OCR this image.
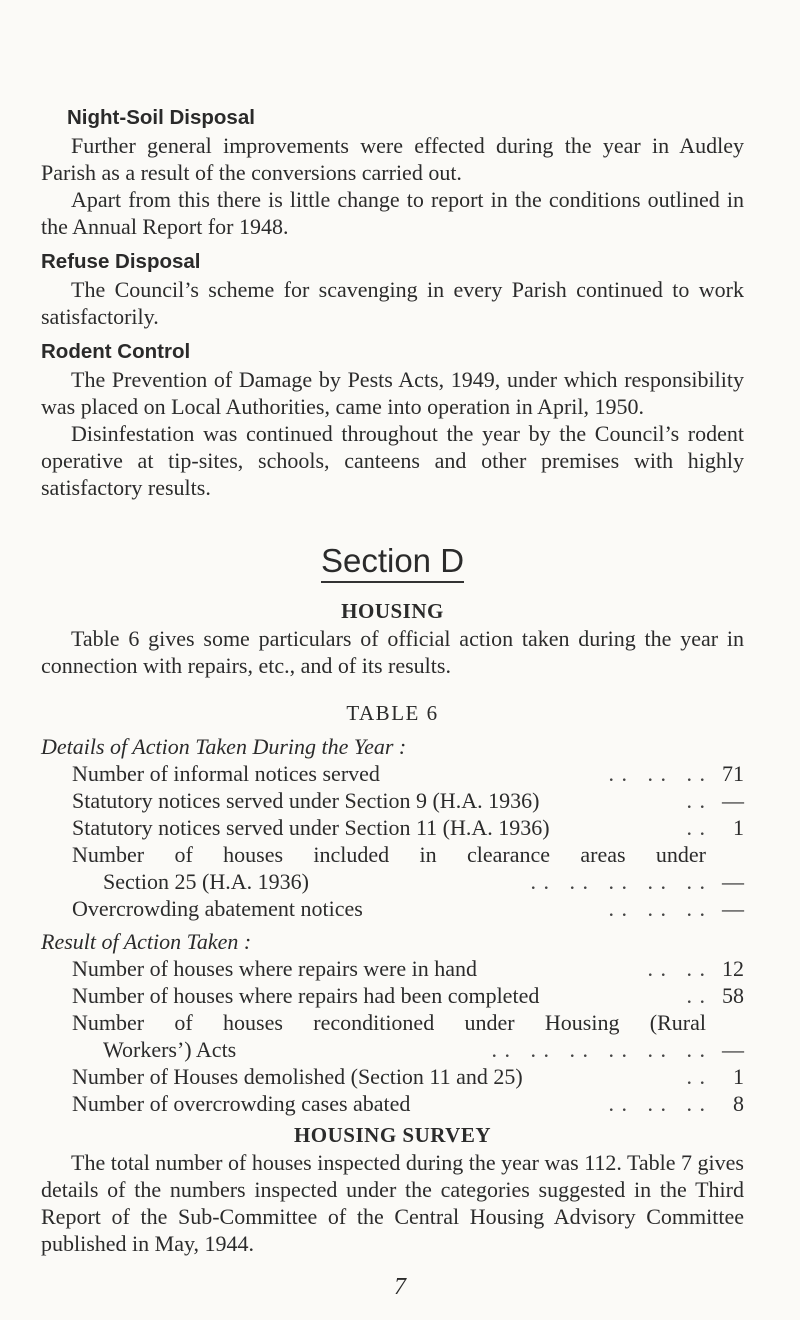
Night-Soil Disposal

Further general improvements were effected during the year in Audley Parish as a result of the conversions carried out.

Apart from this there is little change to report in the conditions outlined in the Annual Report for 1948.

Refuse Disposal

The Council’s scheme for scavenging in every Parish continued to work satisfactorily.

Rodent Control

The Prevention of Damage by Pests Acts, 1949, under which responsibility was placed on Local Authorities, came into operation in April, 1950.

Disinfestation was continued throughout the year by the Council’s rodent operative at tip-sites, schools, canteens and other premises with highly satisfactory results.

Section D
HOUSING

Table 6 gives some particulars of official action taken during the year in connection with repairs, etc., and of its results.

TABLE 6
Details of Action Taken During the Year :
Number of informal notices served	. .   . .   . . 71
Statutory notices served under Section 9 (H.A. 1936)	. . —
Statutory notices served under Section 11 (H.A. 1936)	. .	1
Number of houses included in clearance areas under
Section 25 (H.A. 1936)	. .   . .   . .   . .   . . —
Overcrowding abatement notices	. .   . .   . . —
Result of Action Taken :
Number of houses where repairs were in hand	. .   . . 12
Number of houses where repairs had been completed	. . 58
Number of houses reconditioned under Housing (Rural
Workers’) Acts	. .   . .   . .   . .   . .   . . —
Number of Houses demolished (Section 11 and 25)	. .	1
Number of overcrowding cases abated	. .   . .   . .	8
HOUSING SURVEY

The total number of houses inspected during the year was 112. Table 7 gives details of the numbers inspected under the categories suggested in the Third Report of the Sub-Committee of the Central Housing Advisory Committee published in May, 1944.

7
